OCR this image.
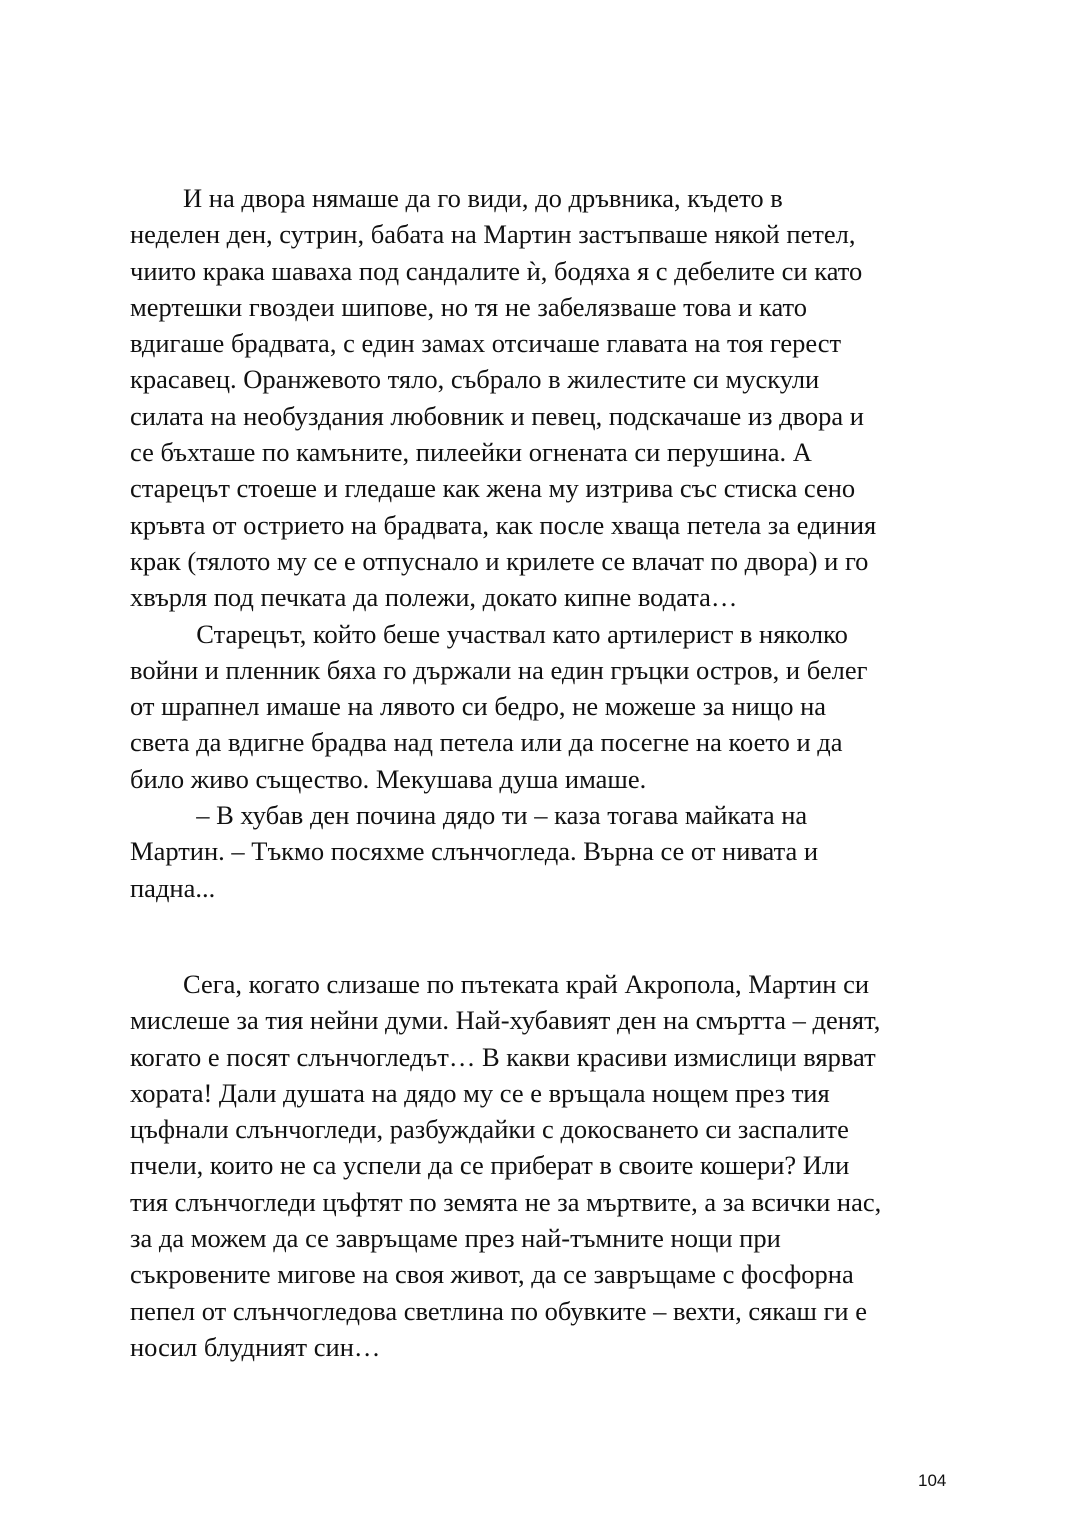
И на двора нямаше да го види, до дръвника, където в
неделен ден, сутрин, бабата на Мартин застъпваше някой петел,
чиито крака шаваха под сандалите ѝ, бодяха я с дебелите си като
мертешки гвоздеи шипове, но тя не забелязваше това и като
вдигаше брадвата, с един замах отсичаше главата на тоя герест
красавец. Оранжевото тяло, събрало в жилестите си мускули
силата на необуздания любовник и певец, подскачаше из двора и
се бъхташе по камъните, пилеейки огнената си перушина. А
старецът стоеше и гледаше как жена му изтрива със стиска сено
кръвта от острието на брадвата, как после хваща петела за единия
крак (тялото му се е отпуснало и крилете се влачат по двора) и го
хвърля под печката да полежи, докато кипне водата…
Старецът, който беше участвал като артилерист в няколко
войни и пленник бяха го държали на един гръцки остров, и белег
от шрапнел имаше на лявото си бедро, не можеше за нищо на
света да вдигне брадва над петела или да посегне на което и да
било живо същество. Мекушава душа имаше.
– В хубав ден почина дядо ти – каза тогава майката на
Мартин. – Тъкмо посяхме слънчогледа. Върна се от нивата и
падна...
Сега, когато слизаше по пътеката край Акропола, Мартин си
мислеше за тия нейни думи. Най-хубавият ден на смъртта – денят,
когато е посят слънчогледът… В какви красиви измислици вярват
хората! Дали душата на дядо му се е връщала нощем през тия
цъфнали слънчогледи, разбуждайки с докосването си заспалите
пчели, които не са успели да се приберат в своите кошери? Или
тия слънчогледи цъфтят по земята не за мъртвите, а за всички нас,
за да можем да се завръщаме през най-тъмните нощи при
съкровените мигове на своя живот, да се завръщаме с фосфорна
пепел от слънчогледова светлина по обувките – вехти, сякаш ги е
носил блудният син…
104
